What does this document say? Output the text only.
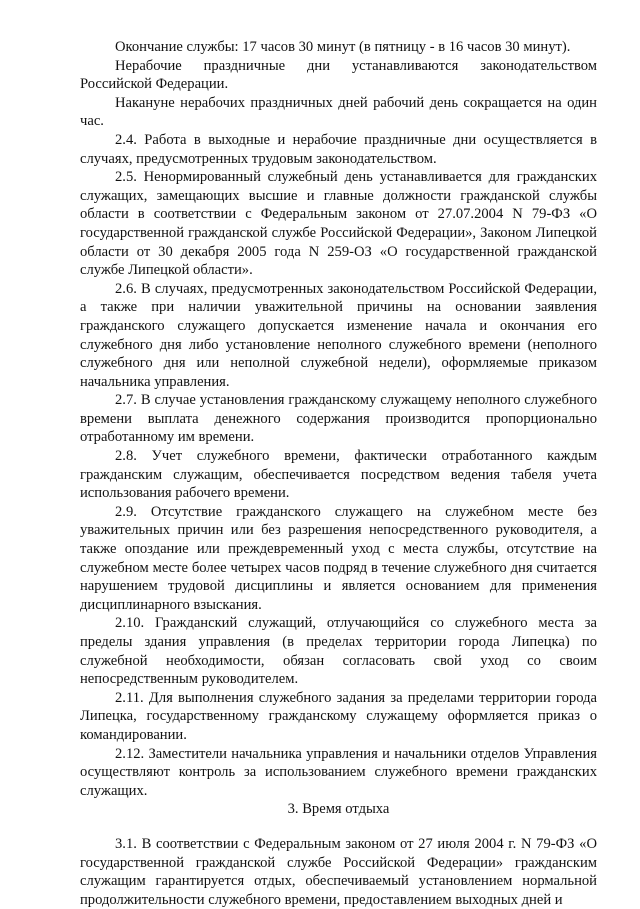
Окончание службы: 17 часов 30 минут (в пятницу - в 16 часов 30 минут).

Нерабочие праздничные дни устанавливаются законодательством Российской Федерации.

Накануне нерабочих праздничных дней рабочий день сокращается на один час.

2.4. Работа в выходные и нерабочие праздничные дни осуществляется в случаях, предусмотренных трудовым законодательством.

2.5. Ненормированный служебный день устанавливается для гражданских служащих, замещающих высшие и главные должности гражданской службы области в соответствии с Федеральным законом от 27.07.2004 N 79-ФЗ «О государственной гражданской службе Российской Федерации», Законом Липецкой области от 30 декабря 2005 года N 259-ОЗ «О государственной гражданской службе Липецкой области».

2.6. В случаях, предусмотренных законодательством Российской Федерации, а также при наличии уважительной причины на основании заявления гражданского служащего допускается изменение начала и окончания его служебного дня либо установление неполного служебного времени (неполного служебного дня или неполной служебной недели), оформляемые приказом начальника управления.

2.7. В случае установления гражданскому служащему неполного служебного времени выплата денежного содержания производится пропорционально отработанному им времени.

2.8. Учет служебного времени, фактически отработанного каждым гражданским служащим, обеспечивается посредством ведения табеля учета использования рабочего времени.

2.9. Отсутствие гражданского служащего на служебном месте без уважительных причин или без разрешения непосредственного руководителя, а также опоздание или преждевременный уход с места службы, отсутствие на служебном месте более четырех часов подряд в течение служебного дня считается нарушением трудовой дисциплины и является основанием для применения дисциплинарного взыскания.

2.10. Гражданский служащий, отлучающийся со служебного места за пределы здания управления (в пределах территории города Липецка) по служебной необходимости, обязан согласовать свой уход со своим непосредственным руководителем.

2.11. Для выполнения служебного задания за пределами территории города Липецка, государственному гражданскому служащему оформляется приказ о командировании.

2.12. Заместители начальника управления и начальники отделов Управления осуществляют контроль за использованием служебного времени гражданских служащих.

3. Время отдыха

3.1. В соответствии с Федеральным законом от 27 июля 2004 г. N 79-ФЗ «О государственной гражданской службе Российской Федерации» гражданским служащим гарантируется отдых, обеспечиваемый установлением нормальной продолжительности служебного времени, предоставлением выходных дней и
